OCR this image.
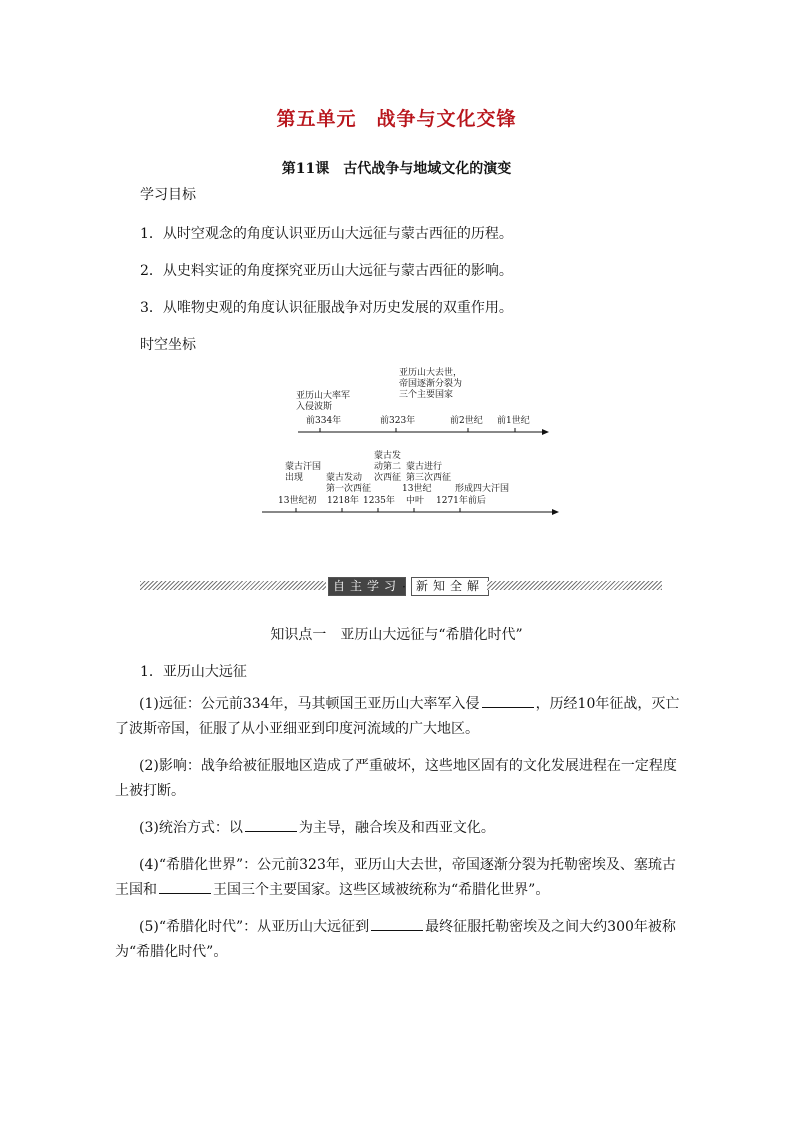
第五单元　战争与文化交锋
第11课　古代战争与地域文化的演变
学习目标
1．从时空观念的角度认识亚历山大远征与蒙古西征的历程。
2．从史料实证的角度探究亚历山大远征与蒙古西征的影响。
3．从唯物史观的角度认识征服战争对历史发展的双重作用。
时空坐标
亚历山大率军
入侵波斯
亚历山大去世，
帝国逐渐分裂为
三个主要国家
前334年	前323年	前2世纪 前1世纪
蒙古汗国
出现	蒙古发动
第一次西征
蒙古发
动第二
次西征
蒙古进行
第三次西征
形成四大汗国
13世纪初 1218年 1235年
13世纪
中叶 1271年前后
自主学习 · 新知全解
知识点一　亚历山大远征与“希腊化时代”
1．亚历山大远征
(1)远征：公元前334年，马其顿国王亚历山大率军入侵	，历经10年征战，灭亡了波斯帝国，征服了从小亚细亚到印度河流域的广大地区。
(2)影响：战争给被征服地区造成了严重破坏，这些地区固有的文化发展进程在一定程度上被打断。
(3)统治方式：以	为主导，融合埃及和西亚文化。
(4)“希腊化世界”：公元前323年，亚历山大去世，帝国逐渐分裂为托勒密埃及、塞琉古王国和	王国三个主要国家。这些区域被统称为“希腊化世界”。
(5)“希腊化时代”：从亚历山大远征到	最终征服托勒密埃及之间大约300年被称为“希腊化时代”。
